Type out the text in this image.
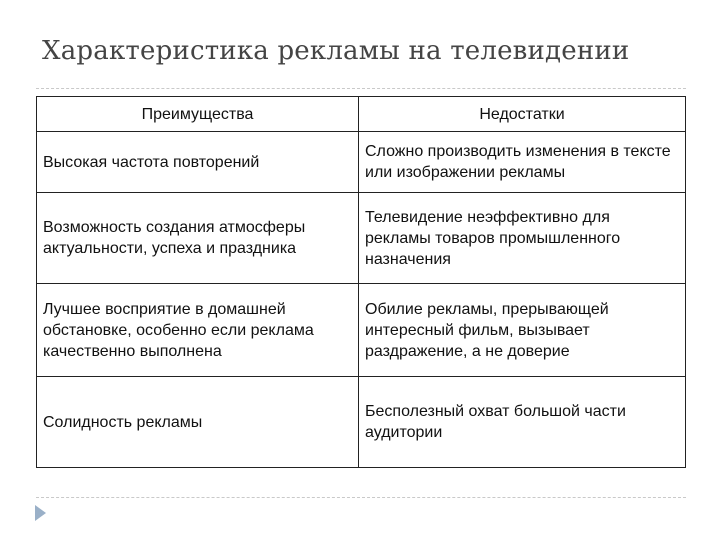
Характеристика рекламы на телевидении
Преимущества	Недостатки
Высокая частота повторений	Сложно производить изменения в тексте или изображении рекламы
Возможность создания атмосферы актуальности, успеха и праздника	Телевидение неэффективно для рекламы товаров промышленного назначения
Лучшее восприятие в домашней обстановке, особенно если реклама качественно выполнена	Обилие рекламы, прерывающей интересный фильм, вызывает раздражение, а не доверие
Солидность рекламы	Бесполезный охват большой части аудитории
